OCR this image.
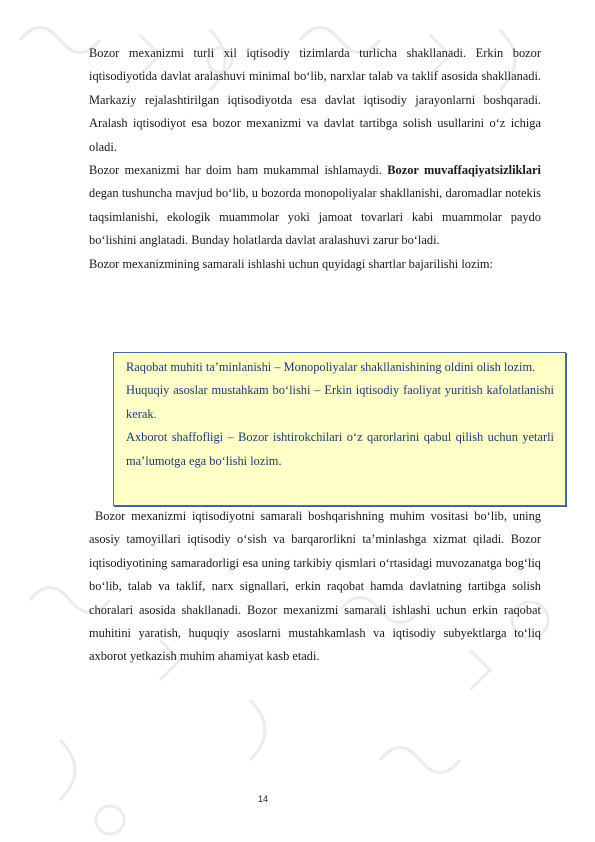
Bozor mexanizmi turli xil iqtisodiy tizimlarda turlicha shakllanadi. Erkin bozor iqtisodiyotida davlat aralashuvi minimal bo‘lib, narxlar talab va taklif asosida shakllanadi. Markaziy rejalashtirilgan iqtisodiyotda esa davlat iqtisodiy jarayonlarni boshqaradi. Aralash iqtisodiyot esa bozor mexanizmi va davlat tartibga solish usullarini o‘z ichiga oladi.

Bozor mexanizmi har doim ham mukammal ishlamaydi. Bozor muvaffaqiyatsizliklari degan tushuncha mavjud bo‘lib, u bozorda monopoliyalar shakllanishi, daromadlar notekis taqsimlanishi, ekologik muammolar yoki jamoat tovarlari kabi muammolar paydo bo‘lishini anglatadi. Bunday holatlarda davlat aralashuvi zarur bo‘ladi.

Bozor mexanizmining samarali ishlashi uchun quyidagi shartlar bajarilishi lozim:

Raqobat muhiti ta’minlanishi – Monopoliyalar shakllanishining oldini olish lozim.

Huquqiy asoslar mustahkam bo‘lishi – Erkin iqtisodiy faoliyat yuritish kafolatlanishi kerak.

Axborot shaffofligi – Bozor ishtirokchilari o‘z qarorlarini qabul qilish uchun yetarli ma’lumotga ega bo‘lishi lozim.

Bozor mexanizmi iqtisodiyotni samarali boshqarishning muhim vositasi bo‘lib, uning asosiy tamoyillari iqtisodiy o‘sish va barqarorlikni ta’minlashga xizmat qiladi. Bozor iqtisodiyotining samaradorligi esa uning tarkibiy qismlari o‘rtasidagi muvozanatga bog‘liq bo‘lib, talab va taklif, narx signallari, erkin raqobat hamda davlatning tartibga solish choralari asosida shakllanadi. Bozor mexanizmi samarali ishlashi uchun erkin raqobat muhitini yaratish, huquqiy asoslarni mustahkamlash va iqtisodiy subyektlarga to‘liq axborot yetkazish muhim ahamiyat kasb etadi.

14
